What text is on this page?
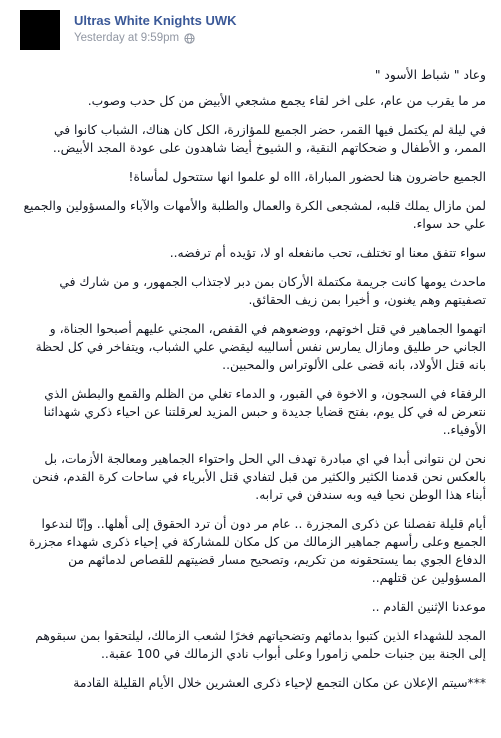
Ultras White Knights UWK
Yesterday at 9:59pm

وعاد " شباط الأسود "

مر ما يقرب من عام، على اخر لقاء يجمع مشجعي الأبيض من كل حدب وصوب.

في ليلة لم يكتمل فيها القمر، حضر الجميع للمؤازرة، الكل كان هناك، الشباب كانوا في الممر، و الأطفال و ضحكاتهم النقية، و الشيوخ أيضا شاهدون على عودة المجد الأبيض..

الجميع حاضرون هنا لحضور المباراة، اااه لو علموا انها ستتحول لمأساة!

لمن مازال يملك قلبه، لمشجعى الكرة والعمال والطلبة والأمهات والآباء والمسؤولين والجميع علي حد سواء.

سواء تتفق معنا او تختلف، تحب مانفعله او لا، تؤيده أم ترفضه..

ماحدث يومها كانت جريمة مكتملة الأركان بمن دبر لاجتذاب الجمهور، و من شارك في تصفيتهم وهم يغنون، و أخيرا بمن زيف الحقائق.

اتهموا الجماهير في قتل اخوتهم، ووضعوهم في القفص، المجني عليهم أصبحوا الجناة، و الجاني حر طليق ومازال يمارس نفس أساليبه ليقضي علي الشباب، ويتفاخر في كل لحظة بانه قتل الأولاد، بانه قضى على الألوتراس والمحبين..

الرفقاء في السجون، و الاخوة في القبور، و الدماء تغلي من الظلم والقمع والبطش الذي نتعرض له في كل يوم، بفتح قضايا جديدة و حبس المزيد لعرقلتنا عن احياء ذكري شهدائنا الأوفياء..

نحن لن نتوانى أبدا في اي مبادرة تهدف الي الحل واحتواء الجماهير ومعالجة الأزمات، بل بالعكس نحن قدمنا الكثير والكثير من قبل لتفادي قتل الأبرياء في ساحات كرة القدم، فنحن أبناء هذا الوطن نحيا فيه وبه سندفن في ترابه.

أيام قليلة تفصلنا عن ذكرى المجزرة .. عام مر دون أن ترد الحقوق إلى أهلها.. وإنّا لندعوا الجميع وعلى رأسهم جماهير الزمالك من كل مكان للمشاركة في إحياء ذكرى شهداء مجزرة الدفاع الجوي بما يستحقونه من تكريم، وتصحيح مسار قضيتهم للقصاص لدمائهم من المسؤولين عن قتلهم..

موعدنا الإثنين القادم ..

المجد للشهداء الذين كتبوا بدمائهم وتضحياتهم فخرًا لشعب الزمالك، ليلتحقوا بمن سبقوهم إلى الجنة بين جنبات حلمي زامورا وعلى أبواب نادي الزمالك في 100 عقبة..

***سيتم الإعلان عن مكان التجمع لإحياء ذكرى العشرين خلال الأيام القليلة القادمة
